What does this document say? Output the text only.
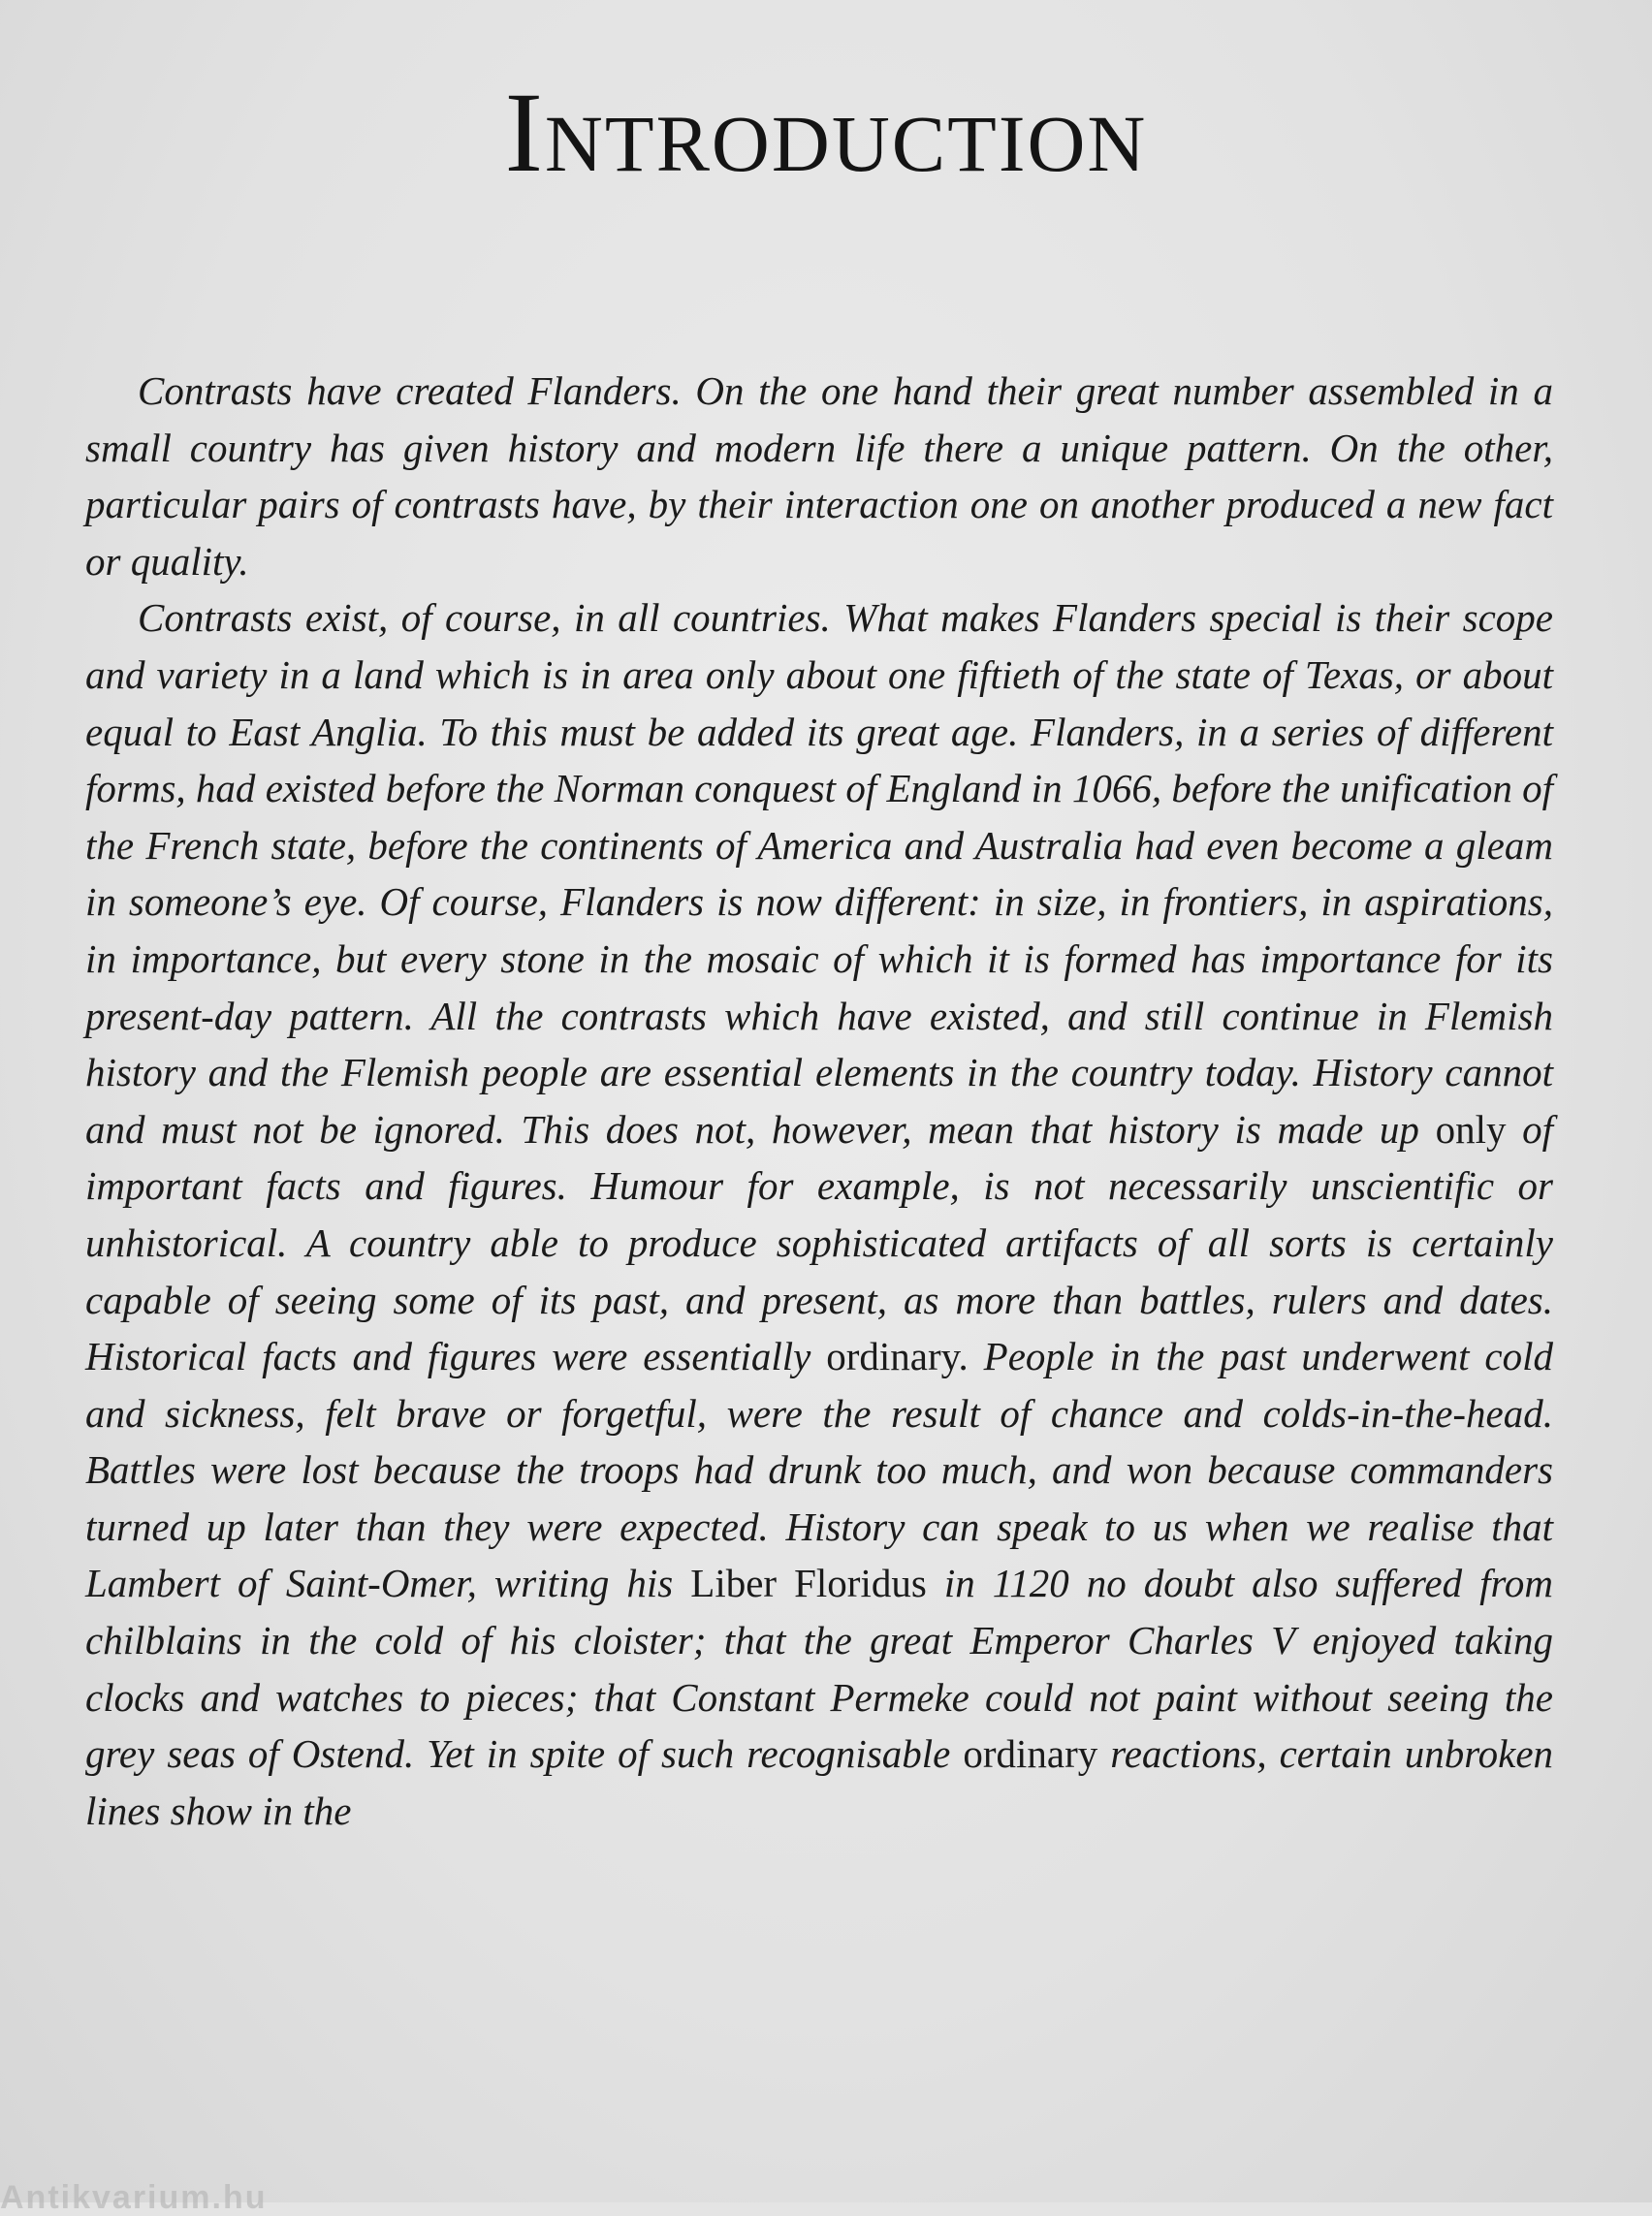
Introduction

Contrasts have created Flanders. On the one hand their great number assembled in a small country has given history and modern life there a unique pattern. On the other, particular pairs of contrasts have, by their interaction one on another produced a new fact or quality.

Contrasts exist, of course, in all countries. What makes Flanders special is their scope and variety in a land which is in area only about one fiftieth of the state of Texas, or about equal to East Anglia. To this must be added its great age. Flanders, in a series of different forms, had existed before the Norman conquest of England in 1066, before the unification of the French state, before the continents of America and Australia had even become a gleam in someone’s eye. Of course, Flanders is now different: in size, in frontiers, in aspirations, in importance, but every stone in the mosaic of which it is formed has importance for its present-day pattern. All the contrasts which have existed, and still continue in Flemish history and the Flemish people are essential elements in the country today. History cannot and must not be ignored. This does not, however, mean that history is made up only of important facts and figures. Humour for example, is not necessarily unscientific or unhistorical. A country able to produce sophisticated artifacts of all sorts is certainly capable of seeing some of its past, and present, as more than battles, rulers and dates. Historical facts and figures were essentially ordinary. People in the past underwent cold and sickness, felt brave or forgetful, were the result of chance and colds-in-the-head. Battles were lost because the troops had drunk too much, and won because commanders turned up later than they were expected. History can speak to us when we realise that Lambert of Saint-Omer, writing his Liber Floridus in 1120 no doubt also suffered from chilblains in the cold of his cloister; that the great Emperor Charles V enjoyed taking clocks and watches to pieces; that Constant Permeke could not paint without seeing the grey seas of Ostend. Yet in spite of such recognisable ordinary reactions, certain unbroken lines show in the

Antikvarium.hu
